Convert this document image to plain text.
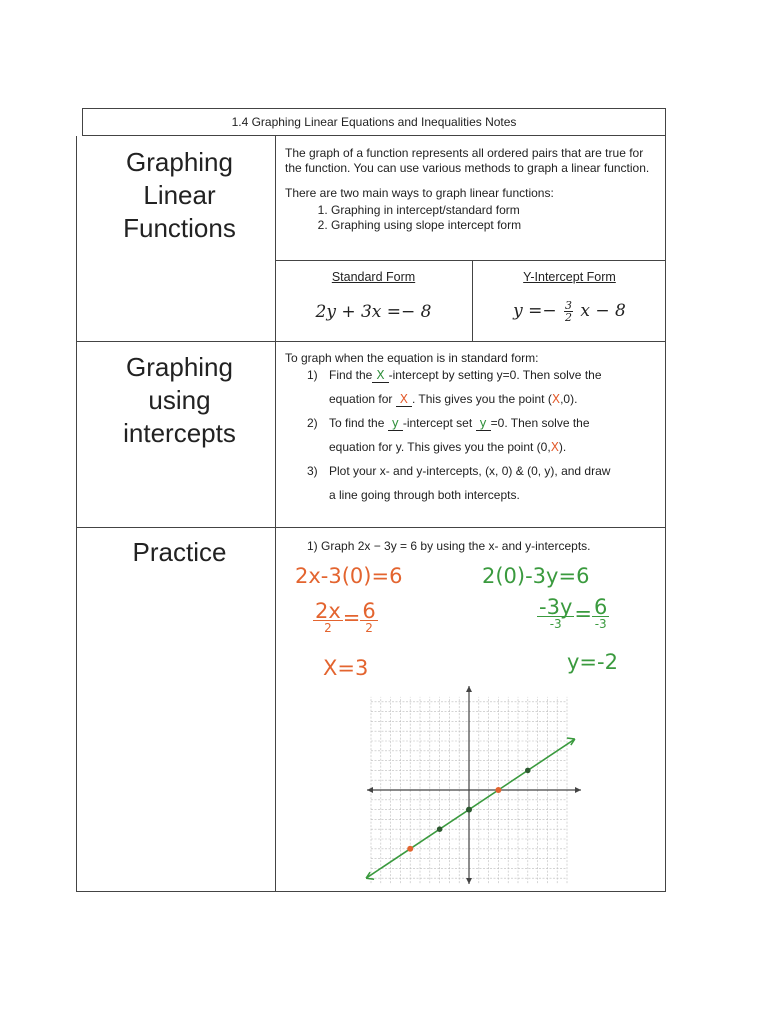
1.4 Graphing Linear Equations and Inequalities Notes
Graphing
Linear
Functions
The graph of a function represents all ordered pairs that are true for the function. You can use various methods to graph a linear function.
There are two main ways to graph linear functions:
1. Graphing in intercept/standard form
2. Graphing using slope intercept form
Standard Form
2y + 3x =− 8
Y-Intercept Form
$y =- \frac{3}{2}$ x − 8
Graphing
using
intercepts
To graph when the equation is in standard form:
1) Find the X -intercept by setting y=0. Then solve the
equation for X . This gives you the point (X,0).
2) To find the y -intercept set y =0. Then solve the
equation for y. This gives you the point (0,X).
3) Plot your x- and y-intercepts, (x, 0) & (0, y), and draw
a line going through both intercepts.
Practice	1) Graph 2x − 3y = 6 by using the x- and y-intercepts.
2x-3(0)=6
$\frac{2x}{2} = \frac{6}{2}$
X=3
2(0)-3y=6
$\frac{-3y}{-3} = \frac{6}{-3}$
y=-2
